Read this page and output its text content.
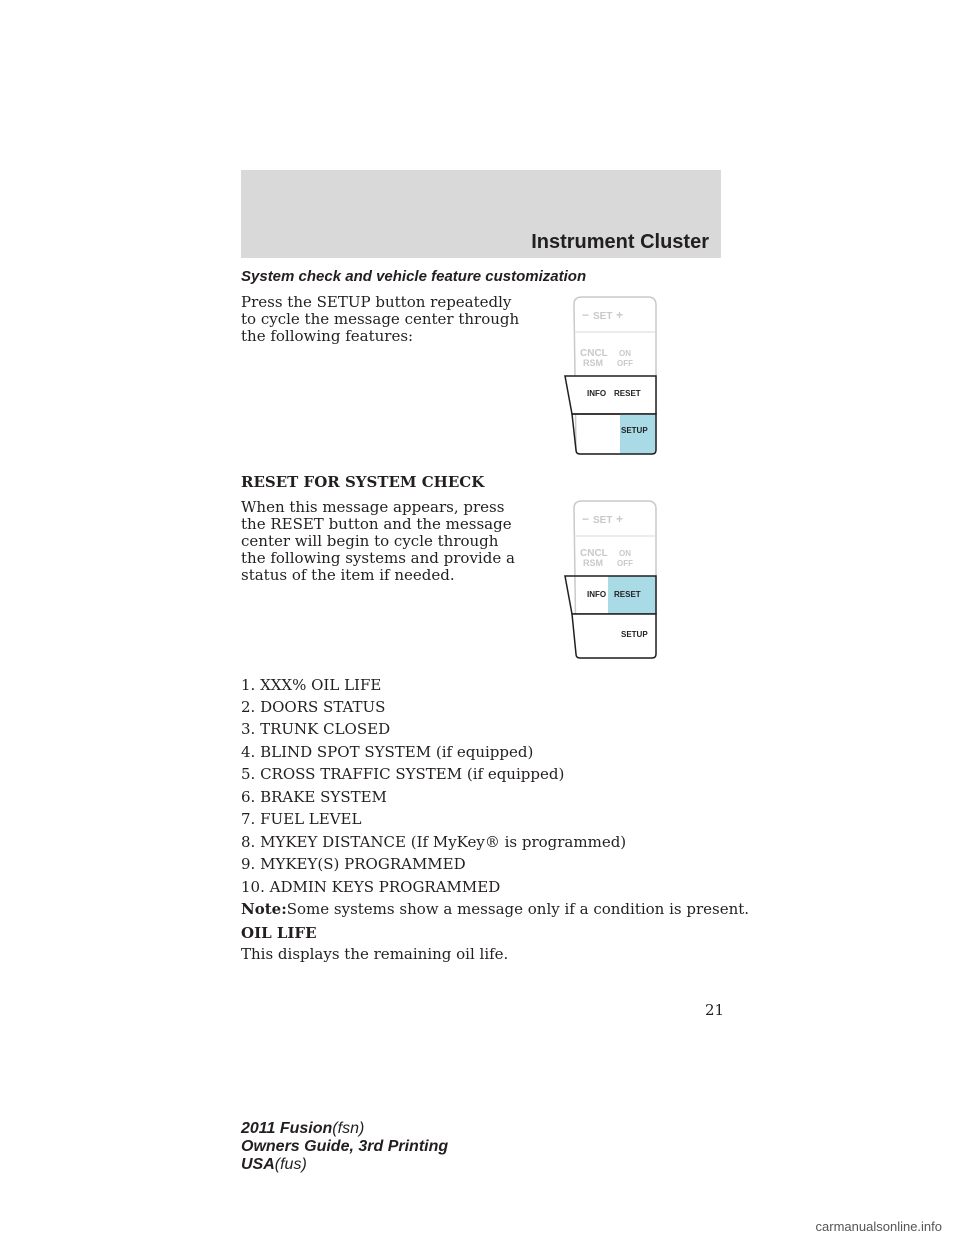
Instrument Cluster
System check and vehicle feature customization
Press the SETUP button repeatedly
to cycle the message center through
the following features:
− SET +
CNCL
RSM
ON
OFF
INFO RESET
SETUP
RESET FOR SYSTEM CHECK
When this message appears, press
the RESET button and the message
center will begin to cycle through
the following systems and provide a
status of the item if needed.
− SET +
CNCL
RSM
ON
OFF
INFO RESET
SETUP
1. XXX% OIL LIFE
2. DOORS STATUS
3. TRUNK CLOSED
4. BLIND SPOT SYSTEM (if equipped)
5. CROSS TRAFFIC SYSTEM (if equipped)
6. BRAKE SYSTEM
7. FUEL LEVEL
8. MYKEY DISTANCE (If MyKey® is programmed)
9. MYKEY(S) PROGRAMMED
10. ADMIN KEYS PROGRAMMED
Note:Some systems show a message only if a condition is present.
OIL LIFE
This displays the remaining oil life.
21
2011 Fusion(fsn)
Owners Guide, 3rd Printing
USA(fus)
carmanualsonline.info
